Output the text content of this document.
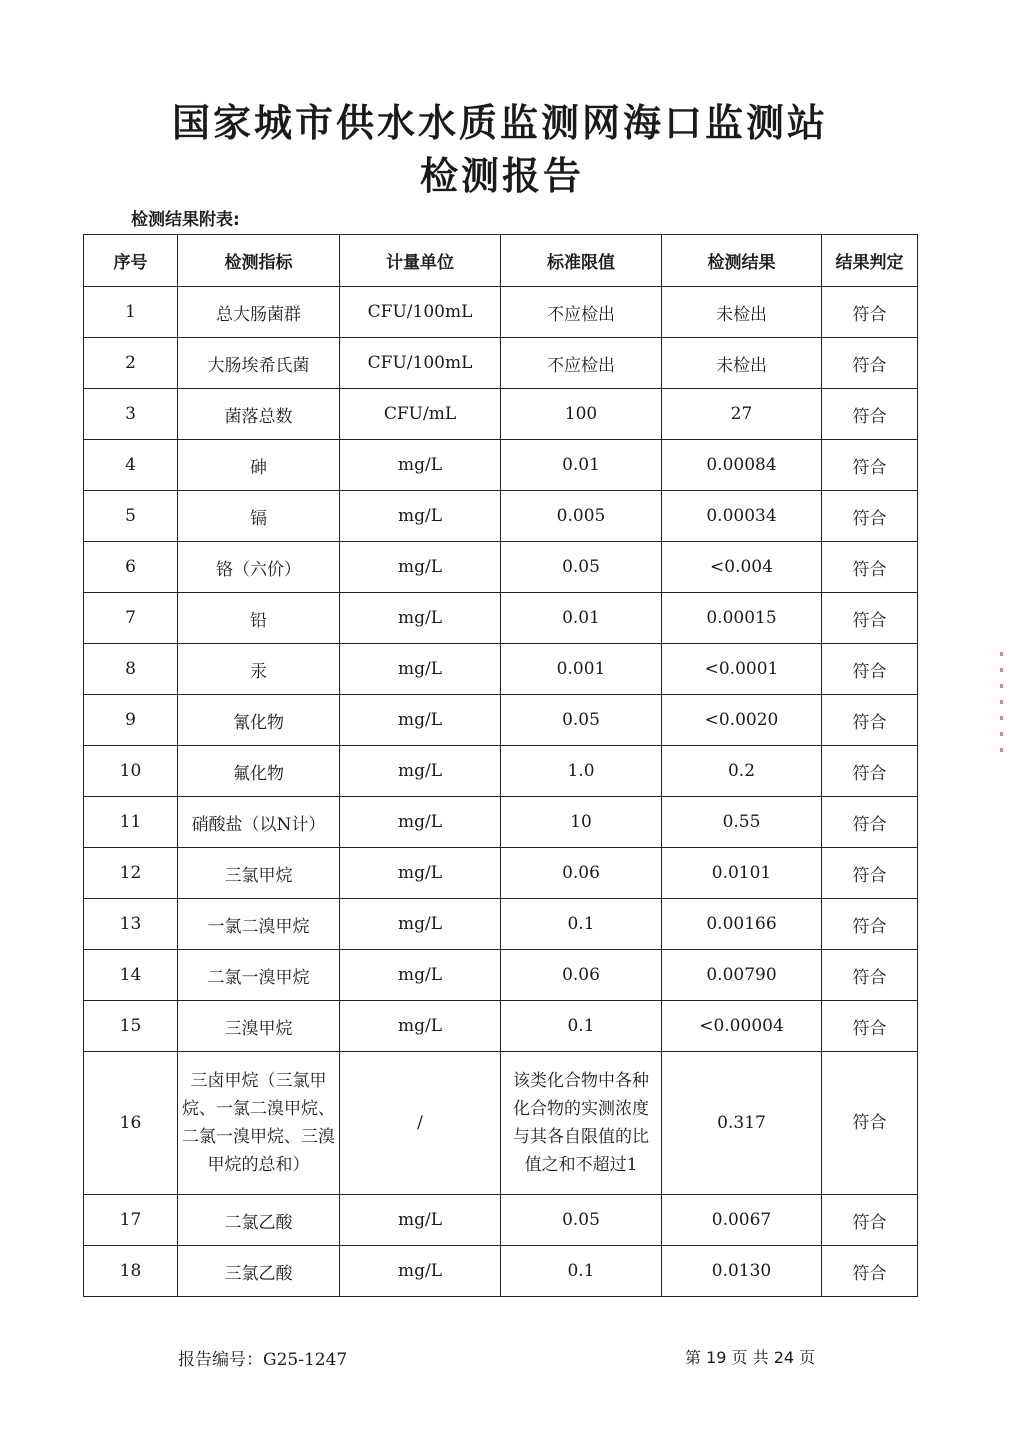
国家城市供水水质监测网海口监测站
检测报告
检测结果附表:
序号	检测指标	计量单位	标准限值	检测结果	结果判定
1	总大肠菌群	CFU/100mL	不应检出	未检出	符合
2	大肠埃希氏菌	CFU/100mL	不应检出	未检出	符合
3	菌落总数	CFU/mL	100	27	符合
4	砷	mg/L	0.01	0.00084	符合
5	镉	mg/L	0.005	0.00034	符合
6	铬（六价）	mg/L	0.05	<0.004	符合
7	铅	mg/L	0.01	0.00015	符合
8	汞	mg/L	0.001	<0.0001	符合
9	氰化物	mg/L	0.05	<0.0020	符合
10	氟化物	mg/L	1.0	0.2	符合
11	硝酸盐（以N计）	mg/L	10	0.55	符合
12	三氯甲烷	mg/L	0.06	0.0101	符合
13	一氯二溴甲烷	mg/L	0.1	0.00166	符合
14	二氯一溴甲烷	mg/L	0.06	0.00790	符合
15	三溴甲烷	mg/L	0.1	<0.00004	符合
16	三卤甲烷（三氯甲烷、一氯二溴甲烷、二氯一溴甲烷、三溴甲烷的总和）	/	该类化合物中各种化合物的实测浓度与其各自限值的比值之和不超过1	0.317	符合
17	二氯乙酸	mg/L	0.05	0.0067	符合
18	三氯乙酸	mg/L	0.1	0.0130	符合
报告编号：G25-1247	第 19 页 共 24 页
